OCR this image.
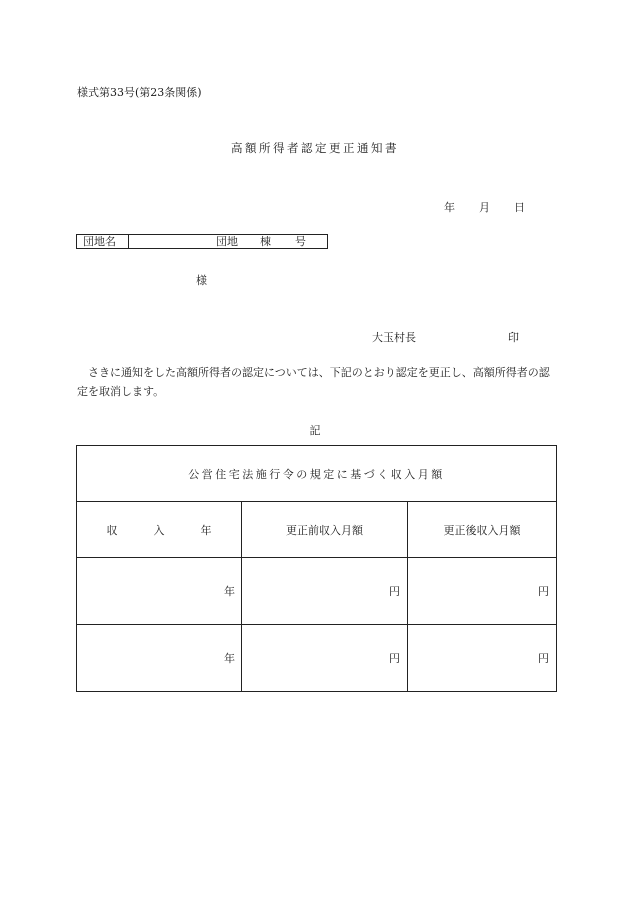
様式第33号(第23条関係)
高額所得者認定更正通知書
年 月 日
団地名	団地 棟 号
様
大玉村長	印
さきに通知をした高額所得者の認定については、下記のとおり認定を更正し、高額所得者の認定を取消します。
記
公営住宅法施行令の規定に基づく収入月額		
収 入 年	更正前収入月額	更正後収入月額
年	円	円
年	円	円
